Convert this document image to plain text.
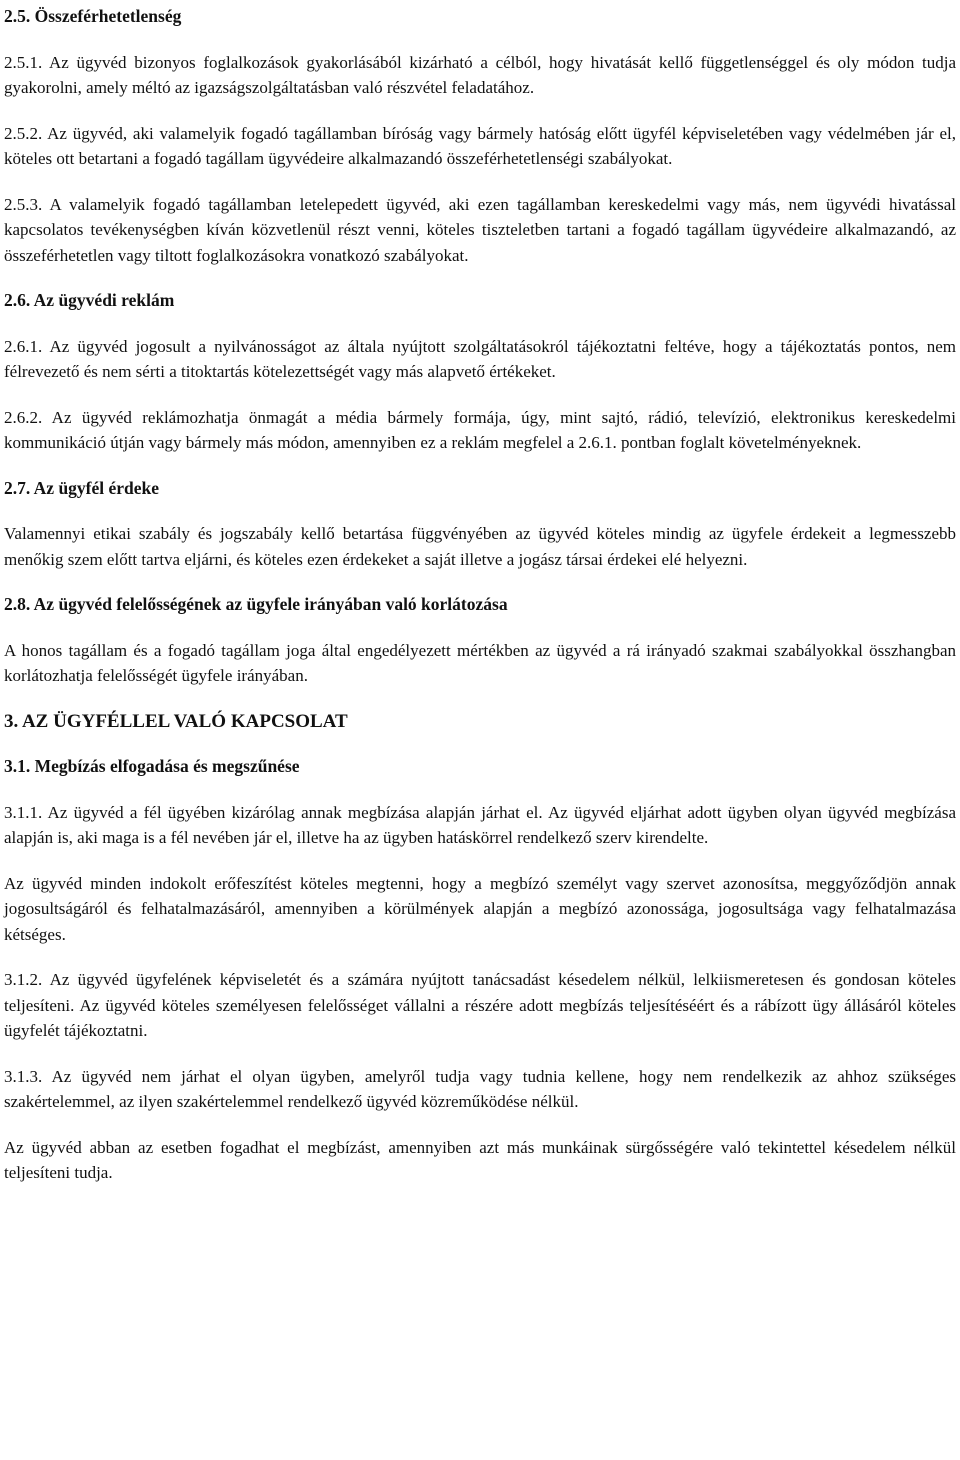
2.5. Összeférhetetlenség

2.5.1. Az ügyvéd bizonyos foglalkozások gyakorlásából kizárható a célból, hogy hivatását kellő függetlenséggel és oly módon tudja gyakorolni, amely méltó az igazságszolgáltatásban való részvétel feladatához.

2.5.2. Az ügyvéd, aki valamelyik fogadó tagállamban bíróság vagy bármely hatóság előtt ügyfél képviseletében vagy védelmében jár el, köteles ott betartani a fogadó tagállam ügyvédeire alkalmazandó összeférhetetlenségi szabályokat.

2.5.3. A valamelyik fogadó tagállamban letelepedett ügyvéd, aki ezen tagállamban kereskedelmi vagy más, nem ügyvédi hivatással kapcsolatos tevékenységben kíván közvetlenül részt venni, köteles tiszteletben tartani a fogadó tagállam ügyvédeire alkalmazandó, az összeférhetetlen vagy tiltott foglalkozásokra vonatkozó szabályokat.

2.6. Az ügyvédi reklám

2.6.1. Az ügyvéd jogosult a nyilvánosságot az általa nyújtott szolgáltatásokról tájékoztatni feltéve, hogy a tájékoztatás pontos, nem félrevezető és nem sérti a titoktartás kötelezettségét vagy más alapvető értékeket.

2.6.2. Az ügyvéd reklámozhatja önmagát a média bármely formája, úgy, mint sajtó, rádió, televízió, elektronikus kereskedelmi kommunikáció útján vagy bármely más módon, amennyiben ez a reklám megfelel a 2.6.1. pontban foglalt követelményeknek.

2.7. Az ügyfél érdeke

Valamennyi etikai szabály és jogszabály kellő betartása függvényében az ügyvéd köteles mindig az ügyfele érdekeit a legmesszebb menőkig szem előtt tartva eljárni, és köteles ezen érdekeket a saját illetve a jogász társai érdekei elé helyezni.

2.8. Az ügyvéd felelősségének az ügyfele irányában való korlátozása

A honos tagállam és a fogadó tagállam joga által engedélyezett mértékben az ügyvéd a rá irányadó szakmai szabályokkal összhangban korlátozhatja felelősségét ügyfele irányában.

3. AZ ÜGYFÉLLEL VALÓ KAPCSOLAT
3.1. Megbízás elfogadása és megszűnése

3.1.1. Az ügyvéd a fél ügyében kizárólag annak megbízása alapján járhat el. Az ügyvéd eljárhat adott ügyben olyan ügyvéd megbízása alapján is, aki maga is a fél nevében jár el, illetve ha az ügyben hatáskörrel rendelkező szerv kirendelte.

Az ügyvéd minden indokolt erőfeszítést köteles megtenni, hogy a megbízó személyt vagy szervet azonosítsa, meggyőződjön annak jogosultságáról és felhatalmazásáról, amennyiben a körülmények alapján a megbízó azonossága, jogosultsága vagy felhatalmazása kétséges.

3.1.2. Az ügyvéd ügyfelének képviseletét és a számára nyújtott tanácsadást késedelem nélkül, lelkiismeretesen és gondosan köteles teljesíteni. Az ügyvéd köteles személyesen felelősséget vállalni a részére adott megbízás teljesítéséért és a rábízott ügy állásáról köteles ügyfelét tájékoztatni.

3.1.3. Az ügyvéd nem járhat el olyan ügyben, amelyről tudja vagy tudnia kellene, hogy nem rendelkezik az ahhoz szükséges szakértelemmel, az ilyen szakértelemmel rendelkező ügyvéd közreműködése nélkül.

Az ügyvéd abban az esetben fogadhat el megbízást, amennyiben azt más munkáinak sürgősségére való tekintettel késedelem nélkül teljesíteni tudja.
